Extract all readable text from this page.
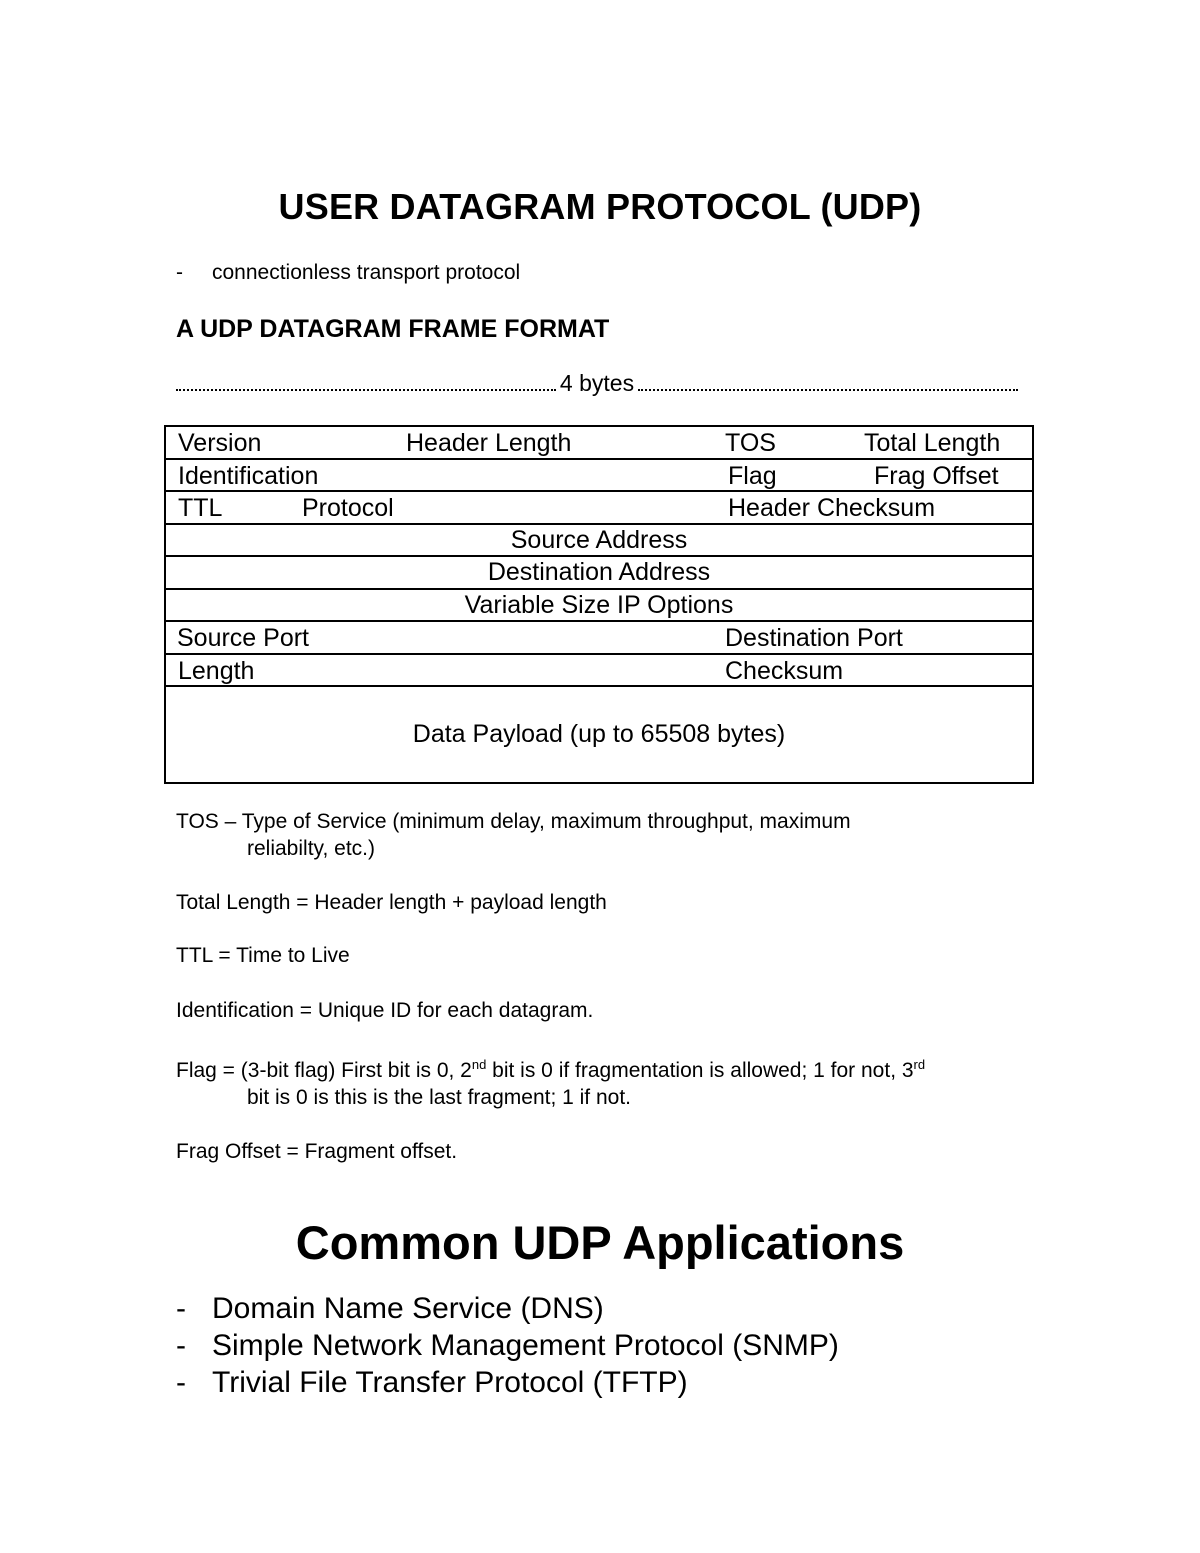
USER DATAGRAM PROTOCOL (UDP)
- connectionless transport protocol
A UDP DATAGRAM FRAME FORMAT
4 bytes
Version	Header Length	TOS	Total Length
Identification	Flag	Frag Offset
TTL	Protocol	Header Checksum
Source Address
Destination Address
Variable Size IP Options
Source Port	Destination Port
Length	Checksum
Data Payload (up to 65508 bytes)

TOS – Type of Service (minimum delay, maximum throughput, maximum
reliabilty, etc.)

Total Length = Header length + payload length

TTL = Time to Live

Identification = Unique ID for each datagram.

Flag = (3-bit flag) First bit is 0, 2nd bit is 0 if fragmentation is allowed; 1 for not, 3rd
bit is 0 is this is the last fragment; 1 if not.

Frag Offset = Fragment offset.

Common UDP Applications
- Domain Name Service (DNS)
- Simple Network Management Protocol (SNMP)
- Trivial File Transfer Protocol (TFTP)
